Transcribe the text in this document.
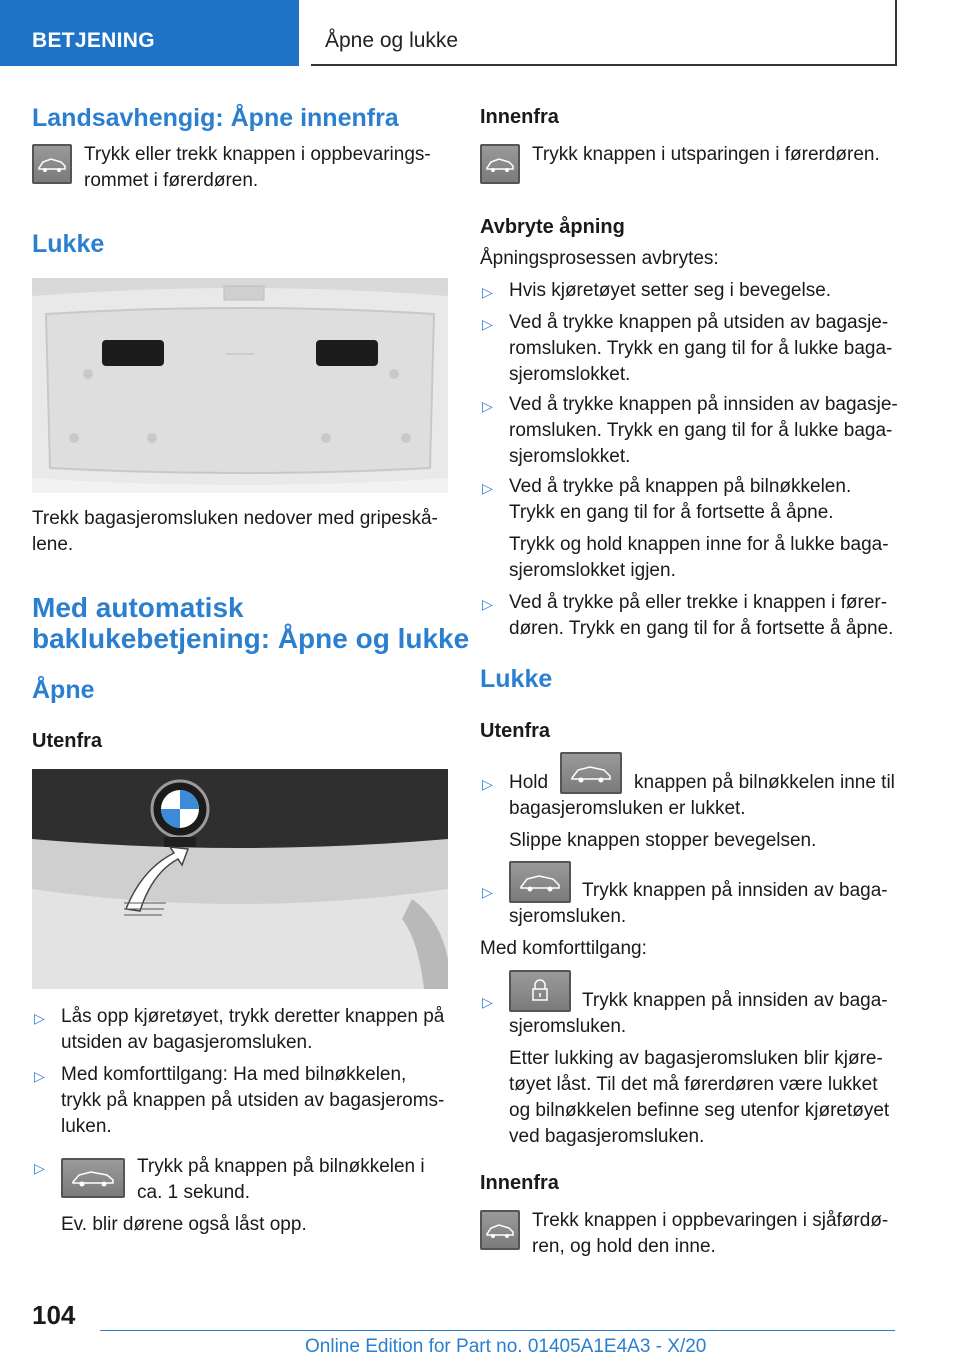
BETJENING	Åpne og lukke
Landsavhengig: Åpne innenfra
Trykk eller trekk knappen i oppbevarings-
rommet i førerdøren.
Lukke
Trekk bagasjeromsluken nedover med gripeskå-
lene.
Med automatisk
baklukebetjening: Åpne og lukke
Åpne
Utenfra
▷ Lås opp kjøretøyet, trykk deretter knappen på
utsiden av bagasjeromsluken.
▷ Med komforttilgang: Ha med bilnøkkelen,
trykk på knappen på utsiden av bagasjeroms-
luken.
▷	Trykk på knappen på bilnøkkelen i
ca. 1 sekund.
Ev. blir dørene også låst opp.
Innenfra
Trykk knappen i utsparingen i førerdøren.
Avbryte åpning
Åpningsprosessen avbrytes:
▷ Hvis kjøretøyet setter seg i bevegelse.
▷ Ved å trykke knappen på utsiden av bagasje-
romsluken. Trykk en gang til for å lukke baga-
sjeromslokket.
▷ Ved å trykke knappen på innsiden av bagasje-
romsluken. Trykk en gang til for å lukke baga-
sjeromslokket.
▷ Ved å trykke på knappen på bilnøkkelen.
Trykk en gang til for å fortsette å åpne.
Trykk og hold knappen inne for å lukke baga-
sjeromslokket igjen.
▷ Ved å trykke på eller trekke i knappen i fører-
døren. Trykk en gang til for å fortsette å åpne.
Lukke
Utenfra
▷ Hold	knappen på bilnøkkelen inne til
bagasjeromsluken er lukket.
Slippe knappen stopper bevegelsen.
▷	Trykk knappen på innsiden av baga-
sjeromsluken.
Med komforttilgang:
▷	Trykk knappen på innsiden av baga-
sjeromsluken.
Etter lukking av bagasjeromsluken blir kjøre-
tøyet låst. Til det må førerdøren være lukket
og bilnøkkelen befinne seg utenfor kjøretøyet
ved bagasjeromsluken.
Innenfra
Trekk knappen i oppbevaringen i sjåførdø-
ren, og hold den inne.
104
Online Edition for Part no. 01405A1E4A3 - X/20
